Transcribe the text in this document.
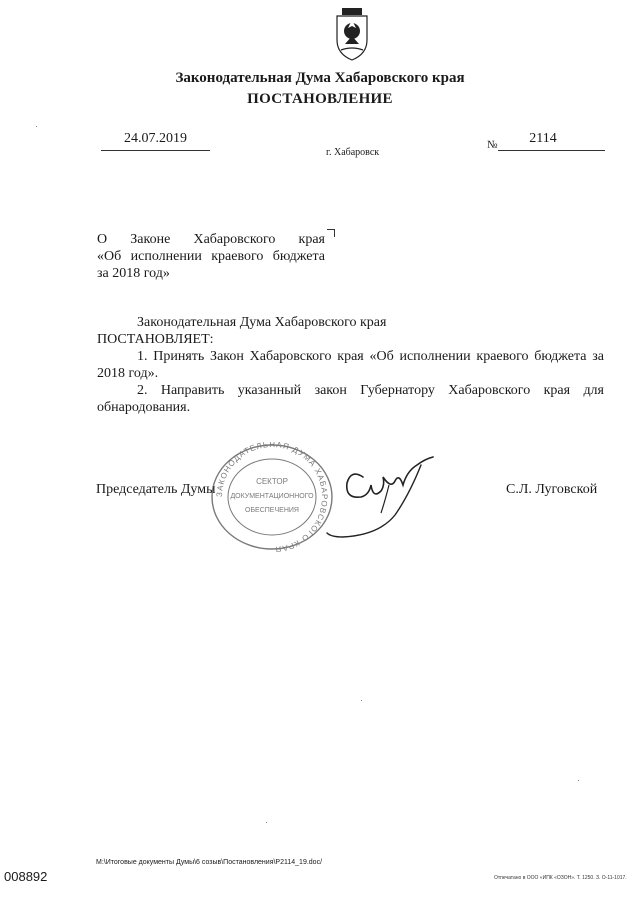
Законодательная Дума Хабаровского края
ПОСТАНОВЛЕНИЕ
24.07.2019
г. Хабаровск
№	2114
О Законе Хабаровского края
«Об исполнении краевого бюджета
за 2018 год»
Законодательная Дума Хабаровского края
ПОСТАНОВЛЯЕТ:
1. Принять Закон Хабаровского края «Об исполнении краевого бюджета за
2018 год».
2. Направить указанный закон Губернатору Хабаровского края для
обнародования.
ЗАКОНОДАТЕЛЬНАЯ ДУМА ХАБАРОВСКОГО КРАЯ
СЕКТОР
ДОКУМЕНТАЦИОННОГО
ОБЕСПЕЧЕНИЯ
Председатель Думы	С.Л. Луговской
M:\Итоговые документы Думы\6 созыв\Постановления\P2114_19.doc/
008892	Отпечатано в ООО «ИПК «ОЗОН». Т. 1250. З. О-11-1017.
